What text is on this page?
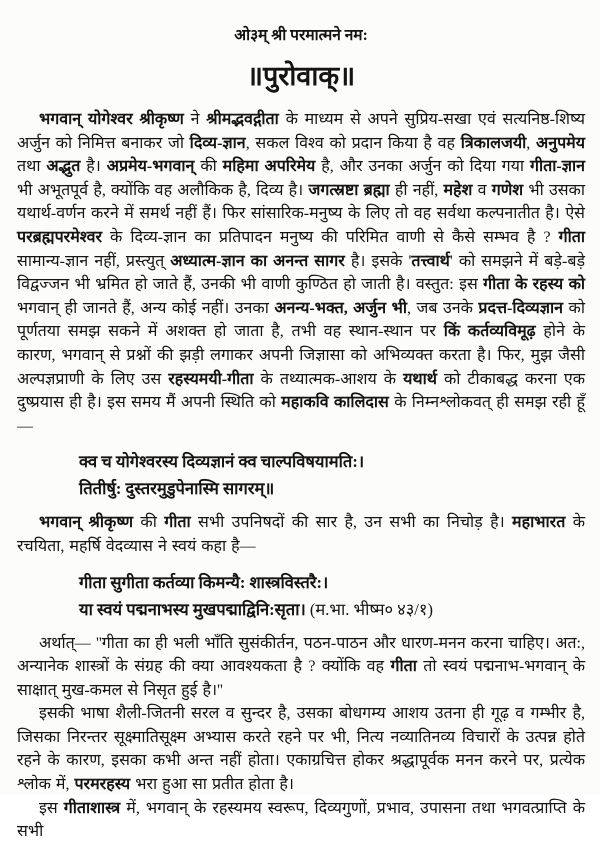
ओ३म् श्री परमात्मने नम:

॥पुरोवाक्॥

भगवान् योगेश्वर श्रीकृष्ण ने श्रीमद्भवद्गीता के माध्यम से अपने सुप्रिय-सखा एवं सत्यनिष्ठ-शिष्य अर्जुन को निमित्त बनाकर जो दिव्य-ज्ञान, सकल विश्व को प्रदान किया है वह त्रिकालजयी, अनुपमेय तथा अद्भुत है। अप्रमेय-भगवान् की महिमा अपरिमेय है, और उनका अर्जुन को दिया गया गीता-ज्ञान भी अभूतपूर्व है, क्योंकि वह अलौकिक है, दिव्य है। जगत्स्रष्टा ब्रह्मा ही नहीं, महेश व गणेश भी उसका यथार्थ-वर्णन करने में समर्थ नहीं हैं। फिर सांसारिक-मनुष्य के लिए तो वह सर्वथा कल्पनातीत है। ऐसे परब्रह्मपरमेश्वर के दिव्य-ज्ञान का प्रतिपादन मनुष्य की परिमित वाणी से कैसे सम्भव है ? गीता सामान्य-ज्ञान नहीं, प्रस्त्युत् अध्यात्म-ज्ञान का अनन्त सागर है। इसके 'तत्त्वार्थ' को समझने में बड़े-बड़े विद्वज्जन भी भ्रमित हो जाते हैं, उनकी भी वाणी कुण्ठित हो जाती है। वस्तुत: इस गीता के रहस्य को भगवान् ही जानते हैं, अन्य कोई नहीं। उनका अनन्य-भक्त, अर्जुन भी, जब उनके प्रदत्त-दिव्यज्ञान को पूर्णतया समझ सकने में अशक्त हो जाता है, तभी वह स्थान-स्थान पर किं कर्तव्यविमूढ़ होने के कारण, भगवान् से प्रश्नों की झड़ी लगाकर अपनी जिज्ञासा को अभिव्यक्त करता है। फिर, मुझ जैसी अल्पज्ञप्राणी के लिए उस रहस्यमयी-गीता के तथ्यात्मक-आशय के यथार्थ को टीकाबद्ध करना एक दुष्प्रयास ही है। इस समय मैं अपनी स्थिति को महाकवि कालिदास के निम्नश्लोकवत् ही समझ रही हूँ—

क्व च योगेश्वरस्य दिव्यज्ञानं क्व चाल्पविषयामति:।
तितीर्षु: दुस्तरमुडुपेनास्मि सागरम्॥

भगवान् श्रीकृष्ण की गीता सभी उपनिषदों की सार है, उन सभी का निचोड़ है। महाभारत के रचयिता, महर्षि वेदव्यास ने स्वयं कहा है—

गीता सुगीता कर्तव्या किमन्यै: शास्त्रविस्तरै:।
या स्वयं पद्मनाभस्य मुखपद्माद्विनि:सृता। (म.भा. भीष्म० ४३/१)

अर्थात्— ''गीता का ही भली भाँति सुसंकीर्तन, पठन-पाठन और धारण-मनन करना चाहिए। अत:, अन्यानेक शास्त्रों के संग्रह की क्या आवश्यकता है ? क्योंकि वह गीता तो स्वयं पद्मनाभ-भगवान् के साक्षात् मुख-कमल से निसृत हुई है।''

इसकी भाषा शैली-जितनी सरल व सुन्दर है, उसका बोधगम्य आशय उतना ही गूढ़ व गम्भीर है, जिसका निरन्तर सूक्ष्मातिसूक्ष्म अभ्यास करते रहने पर भी, नित्य नव्यातिनव्य विचारों के उत्पन्न होते रहने के कारण, इसका कभी अन्त नहीं होता। एकाग्रचित्त होकर श्रद्धापूर्वक मनन करने पर, प्रत्येक श्लोक में, परमरहस्य भरा हुआ सा प्रतीत होता है।

इस गीताशास्त्र में, भगवान् के रहस्यमय स्वरूप, दिव्यगुणों, प्रभाव, उपासना तथा भगवत्प्राप्ति के सभी
